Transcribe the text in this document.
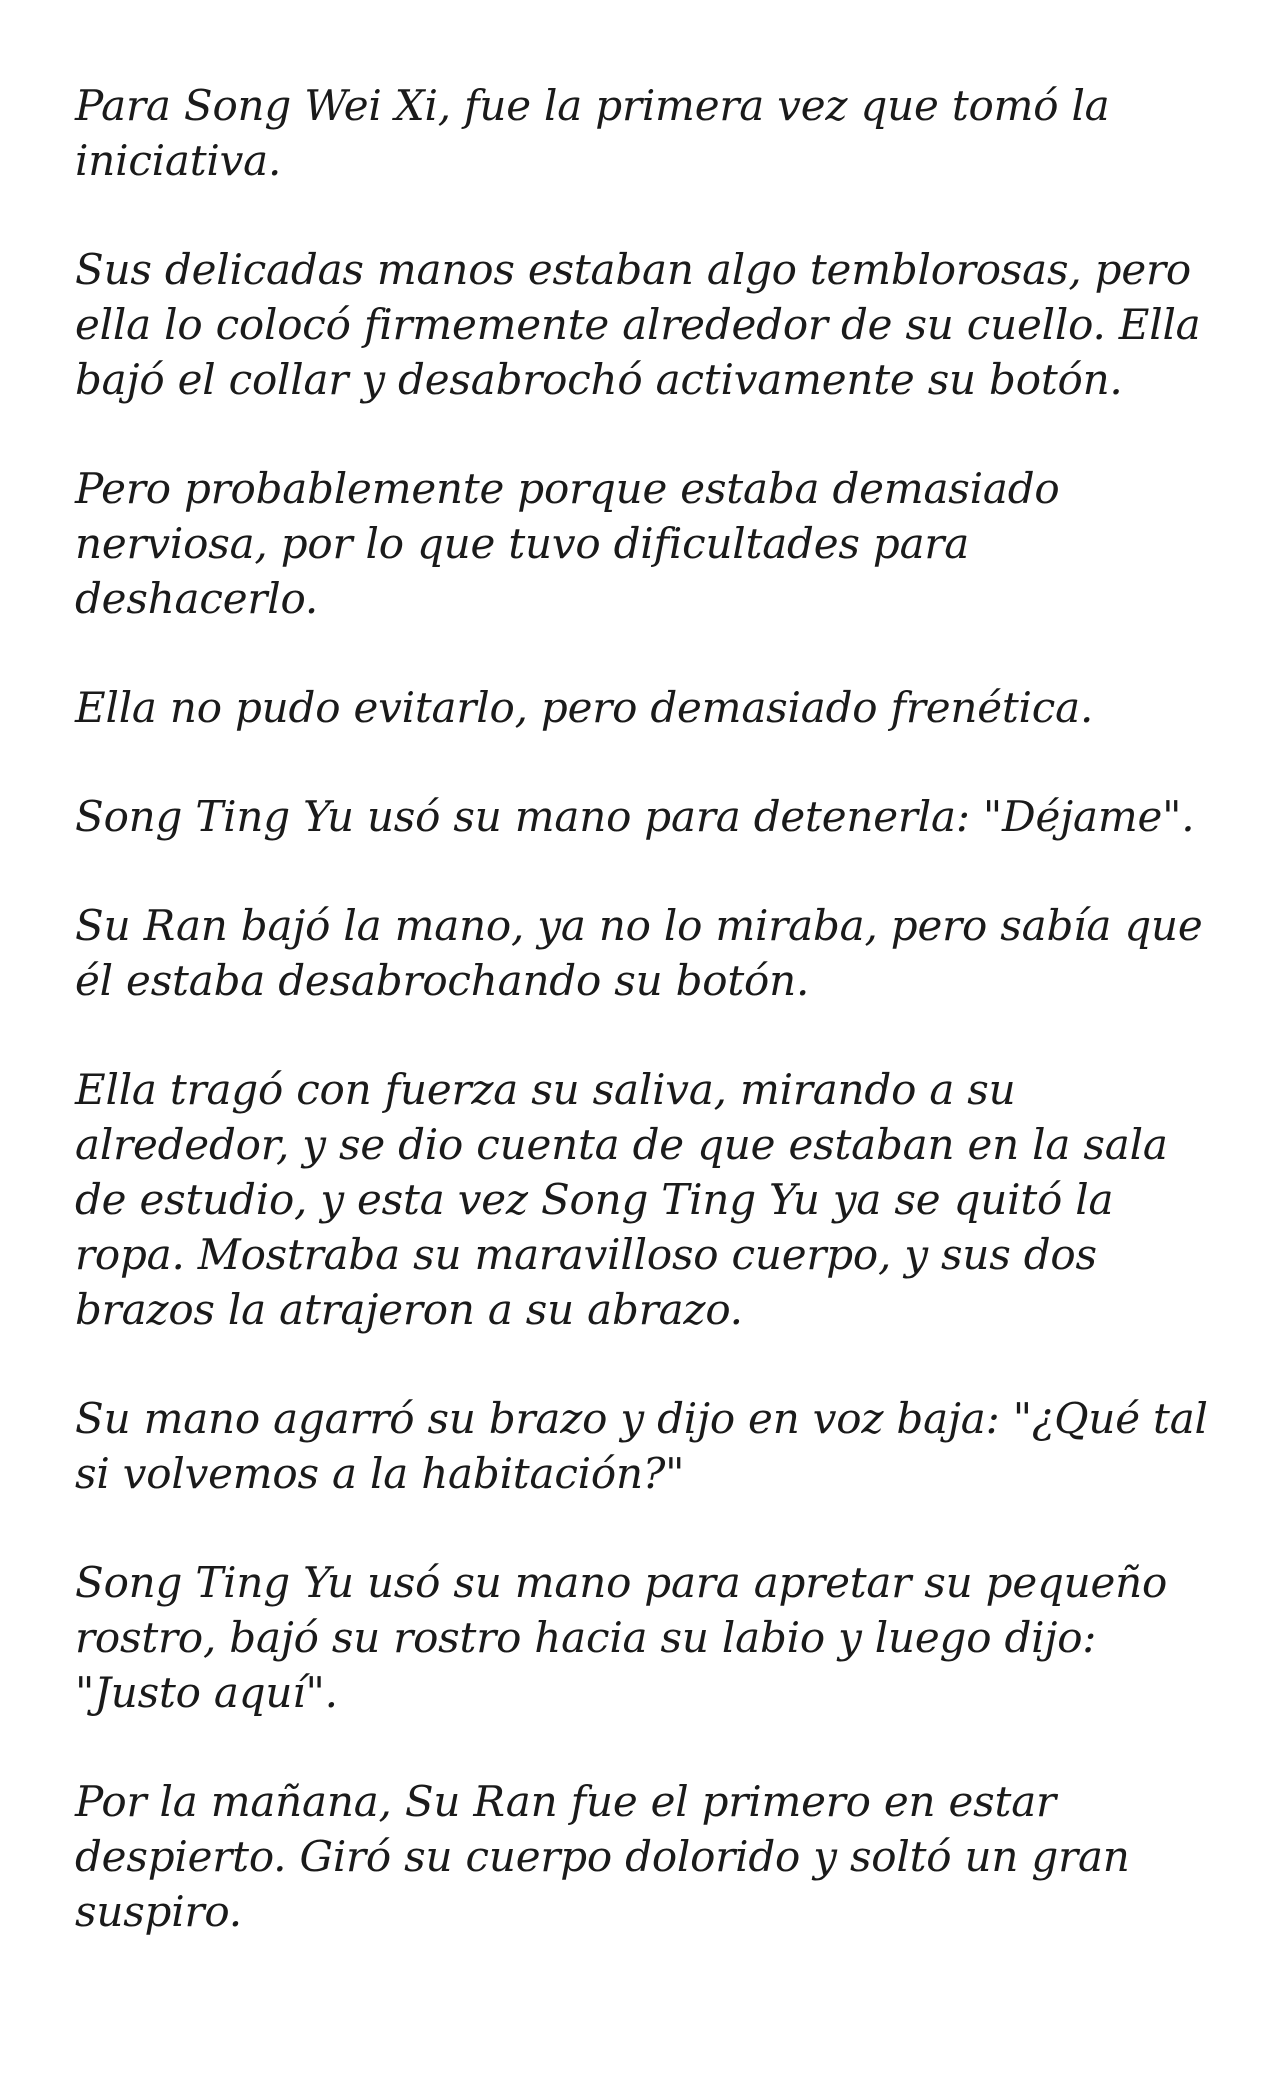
Para Song Wei Xi, fue la primera vez que tomó la iniciativa.

Sus delicadas manos estaban algo temblorosas, pero ella lo colocó firmemente alrededor de su cuello. Ella bajó el collar y desabrochó activamente su botón.

Pero probablemente porque estaba demasiado nerviosa, por lo que tuvo dificultades para deshacerlo.

Ella no pudo evitarlo, pero demasiado frenética.

Song Ting Yu usó su mano para detenerla: "Déjame".

Su Ran bajó la mano, ya no lo miraba, pero sabía que él estaba desabrochando su botón.

Ella tragó con fuerza su saliva, mirando a su alrededor, y se dio cuenta de que estaban en la sala de estudio, y esta vez Song Ting Yu ya se quitó la ropa. Mostraba su maravilloso cuerpo, y sus dos brazos la atrajeron a su abrazo.

Su mano agarró su brazo y dijo en voz baja: "¿Qué tal si volvemos a la habitación?"

Song Ting Yu usó su mano para apretar su pequeño rostro, bajó su rostro hacia su labio y luego dijo: "Justo aquí".

Por la mañana, Su Ran fue el primero en estar despierto. Giró su cuerpo dolorido y soltó un gran suspiro.
